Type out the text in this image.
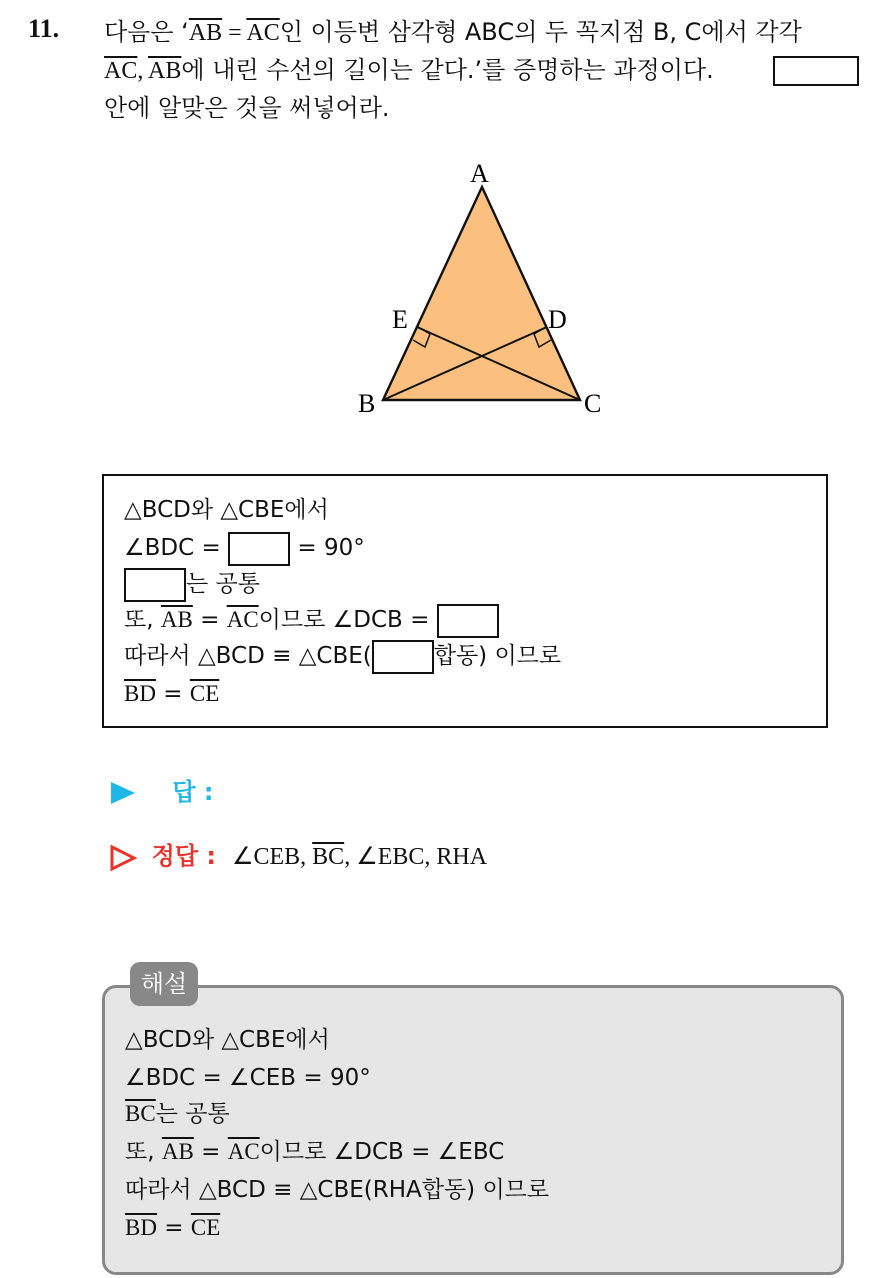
11. 다음은 ‘$\overline{AB} = \overline{AC}$인 이등변 삼각형 ABC의 두 꼭지점 B, C에서 각각
$\overline{AC}$, $\overline{AB}$에 내린 수선의 길이는 같다.’를 증명하는 과정이다.
안에 알맞은 것을 써넣어라.
A
B	C
D
E
△BCD와 △CBE에서
∠BDC =	= 90°
는 공통
또, $\overline{AB} = \overline{AC}$이므로 ∠DCB =
따라서 △BCD ≡ △CBE(	합동) 이므로
$\overline{BD} = \overline{CE}$
답 :
정답 : ∠CEB, $\overline{BC}$, ∠EBC, RHA
△BCD와 △CBE에서
∠BDC = ∠CEB = 90°
$\overline{BC}$는 공통
또, $\overline{AB} = \overline{AC}$이므로 ∠DCB = ∠EBC
따라서 △BCD ≡ △CBE(RHA합동) 이므로
$\overline{BD} = \overline{CE}$
해설
